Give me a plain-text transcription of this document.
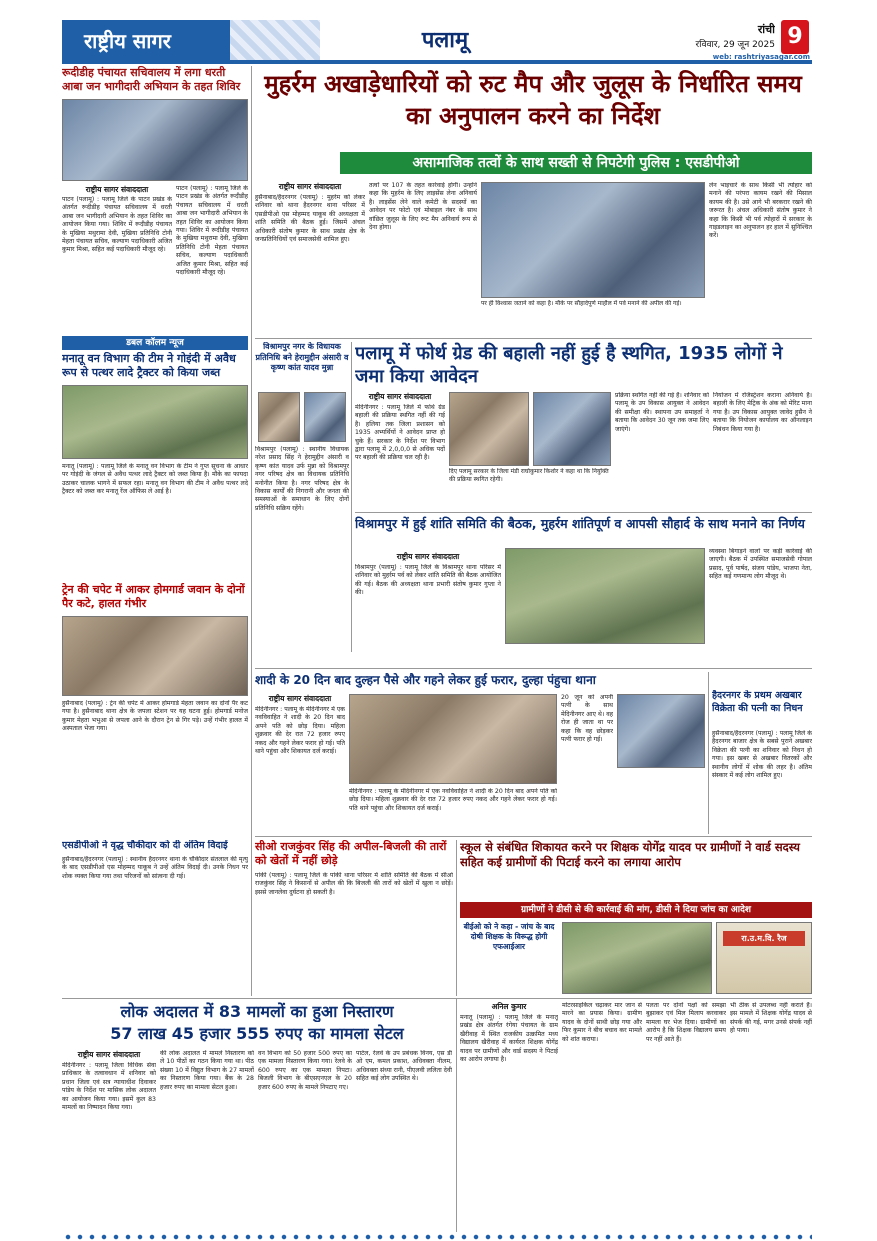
राष्ट्रीय सागर	पलामू	रांची
रविवार, 29 जून 2025 9
web: rashtriyasagar.com
रूदीडीह पंचायत सचिवालय में लगा धरती आबा जन भागीदारी अभियान के तहत शिविर
राष्ट्रीय सागर संवाददाता
पाटन (पलामू) : पलामू जिले के पाटन प्रखंड के अंतर्गत रूदीडीह पंचायत सचिवालय में धरती आबा जन भागीदारी अभियान के तहत शिविर का आयोजन किया गया। शिविर में रूदीडीह पंचायत के मुखिया मथुरामा देवी, मुखिया प्रतिनिधि टोनी मेहता पंचायत सचिव, कल्याण पदाधिकारी अजित कुमार मिश्रा, सहित कई पदाधिकारी मौजूद रहे।
पाटन (पलामू) : पलामू जिले के पाटन प्रखंड के अंतर्गत रूदीडीह पंचायत सचिवालय में धरती आबा जन भागीदारी अभियान के तहत शिविर का आयोजन किया गया। शिविर में रूदीडीह पंचायत के मुखिया मथुरामा देवी, मुखिया प्रतिनिधि टोनी मेहता पंचायत सचिव, कल्याण पदाधिकारी अजित कुमार मिश्रा, सहित कई पदाधिकारी मौजूद रहे।
डबल कॉलम न्यूज
मनातू वन विभाग की टीम ने गोइंदी में अवैध रूप से पत्थर लादे ट्रैक्टर को किया जब्त
मनातू (पलामू) : पलामू जिले के मनातू वन विभाग के टीम ने गुप्त सूचना के आधार पर गोइंदी के जंगल से अवैध पत्थर लादे ट्रैक्टर को जब्त किया है। मौके का फायदा उठाकर चालक भागने में सफल रहा। मनातू वन विभाग की टीम ने अवैध पत्थर लदे ट्रैक्टर को जब्त कर मनातू रेंज ऑफिस ले आई है।
ट्रेन की चपेट में आकर होमगार्ड जवान के दोनों पैर कटे, हालत गंभीर
हुसैनाबाद (पलामू) : ट्रेन की चपेट में आकर होमगार्ड मेहता जवान का दोनों पैर कट गया है। हुसैनाबाद थाना क्षेत्र के जपला स्टेशन पर यह घटना हुई। होमगार्ड मनोज कुमार मेहता भभुआ से जपला आने के दौरान ट्रेन से गिर पड़े। उन्हें गंभीर हालत में अस्पताल भेजा गया।
एसडीपीओ ने वृद्ध चौकीदार को दी अंतिम विदाई
हुसैनाबाद/हैदरनगर (पलामू) : स्थानीय हैदरनगर थाना के चौकीदार संतलाल की मृत्यु के बाद एसडीपीओ एस मोहम्मद याकूब ने उन्हें अंतिम विदाई दी। उनके निधन पर शोक व्यक्त किया गया तथा परिजनों को सांत्वना दी गई।
मुहर्रम अखाड़ेधारियों को रुट मैप और जुलूस के निर्धारित समय का अनुपालन करने का निर्देश
असामाजिक तत्वों के साथ सख्ती से निपटेगी पुलिस : एसडीपीओ
राष्ट्रीय सागर संवाददाता
हुसैनाबाद/हैदरनगर (पलामू) : मुहर्रम को लेकर शनिवार को थाना हैदरनगर थाना परिसर में एसडीपीओ एस मोहम्मद याकूब की अध्यक्षता में शांति समिति की बैठक हुई। जिसमें अंचल अधिकारी संतोष कुमार के साथ प्रखंड क्षेत्र के जनप्रतिनिधियों एवं समाजसेवी शामिल हुए।
तत्वों पर 107 के तहत कार्रवाई होगी। उन्होंने कहा कि मुहर्रम के लिए लाइसेंस लेना अनिवार्य है। लाइसेंस लेने वाले कमेटी के सदस्यों का आवेदन पर फोटो एवं मोबाइल नंबर के साथ वांछित जुलूस के लिए रूट मैप अनिवार्य रूप से देना होगा।
पर ही विश्वास जताने को कहा है। मौके पर सौहार्दपूर्ण माहौल में पर्व मनाने की अपील की गई।
लेन भाइचारे के साथ किसी भी त्योहार को मनाने की परंपरा कायम रखने की मिसाल कायम की है। उसे आगे भी बरकरार रखने की जरूरत है। अंचल अधिकारी संतोष कुमार ने कहा कि किसी भी पर्व त्योहारों में सरकार के गाइडलाइन का अनुपालन हर हाल में सुनिश्चित करें।
विश्रामपुर नगर के विधायक प्रतिनिधि बने हेरामुद्दीन अंसारी व कृष्ण कांत यादव मुन्ना
विश्रामपुर (पलामू) : स्थानीय विधायक नरेश प्रसाद सिंह ने हेरामुद्दीन अंसारी व कृष्ण कांत यादव उर्फ मुन्ना को विश्रामपुर नगर परिषद क्षेत्र का विधायक प्रतिनिधि मनोनीत किया है। नगर परिषद क्षेत्र के विकास कार्यों की निगरानी और जनता की समस्याओं के समाधान के लिए दोनों प्रतिनिधि सक्रिय रहेंगे।
पलामू में फोर्थ ग्रेड की बहाली नहीं हुई है स्थगित, 1935 लोगों ने जमा किया आवेदन
राष्ट्रीय सागर संवाददाता
मेदिनीनगर : पलामू जिले में फोर्थ ग्रेड बहाली की प्रक्रिया स्थगित नहीं की गई है। हलिया तक जिला प्रशासन को 1935 अभ्यर्थियों ने आवेदन प्राप्त हो चुके हैं। सरकार के निर्देश पर विभाग द्वारा पलामू में 2,0,0,0 से अधिक पदों पर बहाली की प्रक्रिया चल रही है।
दिए पलामू सरकार के जिला मंडी राघोकुमार किशोर ने कहा था कि नियुक्ति की प्रक्रिया स्थगित रहेगी।
प्रक्रिया स्थगित नहीं की गई है। शनिवार को पलामू के उप विकास आयुक्त ने आवेदन की समीक्षा की। स्थापना उप समाहर्ता ने बताया कि आवेदन 30 जून तक जमा लिए जाएंगे।
नियोजन में रजिस्ट्रेशन कराना अनिवार्य है। बहाली के लिए मेट्रिक के अंक को मेरिट माना गया है। उप विकास आयुक्त जावेद हुसैन ने बताया कि नियोजन कार्यालय का ऑनलाइन निबंधन किया गया है।
विश्रामपुर में हुई शांति समिति की बैठक, मुहर्रम शांतिपूर्ण व आपसी सौहार्द के साथ मनाने का निर्णय
राष्ट्रीय सागर संवाददाता
विश्रामपुर (पलामू) : पलामू जिले के विश्रामपुर थाना परिसर में शनिवार को मुहर्रम पर्व को लेकर शांति समिति की बैठक आयोजित की गई। बैठक की अध्यक्षता थाना प्रभारी संतोष कुमार गुप्ता ने की।
व्यवस्था बिगाड़ने वालों पर कड़ी कार्रवाई की जाएगी। बैठक में उपस्थित समाजसेवी गोपाल प्रसाद, पूर्व पार्षद, संजय पांडेय, भाजपा नेता, सहित कई गणमान्य लोग मौजूद थे।
शादी के 20 दिन बाद दुल्हन पैसे और गहने लेकर हुई फरार, दुल्हा पंहुचा थाना
राष्ट्रीय सागर संवाददाता
मेदिनीनगर : पलामू के मेदिनीनगर में एक नवविवाहित ने शादी के 20 दिन बाद अपने पति को छोड़ दिया। महिला शुक्रवार की देर रात 72 हजार रुपए नकद और गहने लेकर फरार हो गई। पति थाने पहुंचा और शिकायत दर्ज कराई।
मेदिनीनगर : पलामू के मेदिनीनगर में एक नवविवाहित ने शादी के 20 दिन बाद अपने पति को छोड़ दिया। महिला शुक्रवार की देर रात 72 हजार रुपए नकद और गहने लेकर फरार हो गई। पति थाने पहुंचा और शिकायत दर्ज कराई।
20 जून को अपनी पत्नी के साथ मेदिनीनगर आए थे। वह रोज ही जाता था पर कहा कि वह छोड़कर पत्नी फरार हो गई।
हैदरनगर के प्रथम अखबार विक्रेता की पत्नी का निधन
हुसैनाबाद/हैदरनगर (पलामू) : पलामू जिले के हैदरनगर बाजार क्षेत्र के सबसे पुराने अखबार विक्रेता की पत्नी का शनिवार को निधन हो गया। इस खबर से अखबार वितरकों और स्थानीय लोगों में शोक की लहर है। अंतिम संस्कार में कई लोग शामिल हुए।
सीओ राजकुंवर सिंह की अपील-बिजली की तारों को खेतों में नहीं छोड़े
पांकी (पलामू) : पलामू जिले के पांकी थाना परिसर में शांति समिति की बैठक में सीओ राजकुंवर सिंह ने किसानों से अपील की कि बिजली की तारों को खेतों में खुला न छोड़ें। इससे जानलेवा दुर्घटना हो सकती है।
स्कूल से संबंधित शिकायत करने पर शिक्षक योगेंद्र यादव पर ग्रामीणों ने वार्ड सदस्य सहित कई ग्रामीणों की पिटाई करने का लगाया आरोप
ग्रामीणों ने डीसी से की कार्रवाई की मांग, डीसी ने दिया जांच का आदेश
बीईओ को ने कहा - जांच के बाद दोषी शिक्षक के विरूद्ध होगी एफआईआर
रा.उ.म.वि. रैज
लोक अदालत में 83 मामलों का हुआ निस्तारण
57 लाख 45 हजार 555 रुपए का मामला सेटल
राष्ट्रीय सागर संवाददाता
मेदिनीनगर : पलामू जिला विधिक सेवा प्राधिकार के तत्वावधान में शनिवार को प्रधान जिला एवं सत्र न्यायाधीश दिवाकर पांडेय के निर्देश पर मासिक लोक अदालत का आयोजन किया गया। इसमें कुल 83 मामलों का निष्पादन किया गया।
की लोक अदालत में मामले निस्तारण को ले 10 पीठों का गठन किया गया था। पीठ संख्या 10 में विद्युत विभाग के 27 मामलों का निस्तारण किया गया। बैंक के 28 हजार रुपए का मामला सेटल हुआ।
वन विभाग को 50 हजार 500 रुपए का एक मामला निस्तारण किया गया। रेलवे के 600 रुपए का एक मामला निपटा। बिजली विभाग के बीएसएनएल के 20 हजार 600 रुपए के मामले निपटाए गए।
पार्टल, रेलवे के उप प्रबंधक विनय, एस डी ओ एम, कमल प्रकाश, अधिवक्ता नीलम, अधिवक्ता संध्या रानी, पीएलवी ललिता देवी सहित कई लोग उपस्थित थे।
अनिल कुमार
मनातू (पलामू) : पलामू जिले के मनातू प्रखंड क्षेत्र अंतर्गत रंगेया पंचायत के ग्राम खैरीवाह में स्थित राजकीय उत्क्रमित मध्य विद्यालय खैरीवाह में कार्यरत शिक्षक योगेंद्र यादव पर ग्रामीणों और वार्ड सदस्य ने पिटाई का आरोप लगाया है।
मोटरसाइकिल चढ़ाकर मार जान से मारने का प्रयास किया। ग्रामीण यादव के दोनों साथी छोड़ गया और फिर कुमार ने बीच बचाव कर मामले को शांत कराया।
पलता पर दोनों पक्षों को समझा बुझाकर एवं मिल मिलाप करवाकर मामला घर भेज दिया। ग्रामीणों का आरोप है कि शिक्षक विद्यालय समय पर नहीं आते हैं।
भी ठीक से उपलब्ध नहीं कराते हैं। इस मामले में शिक्षक योगेंद्र यादव से संपर्क की गई, मगर उनसे संपर्क नहीं हो पाया।
